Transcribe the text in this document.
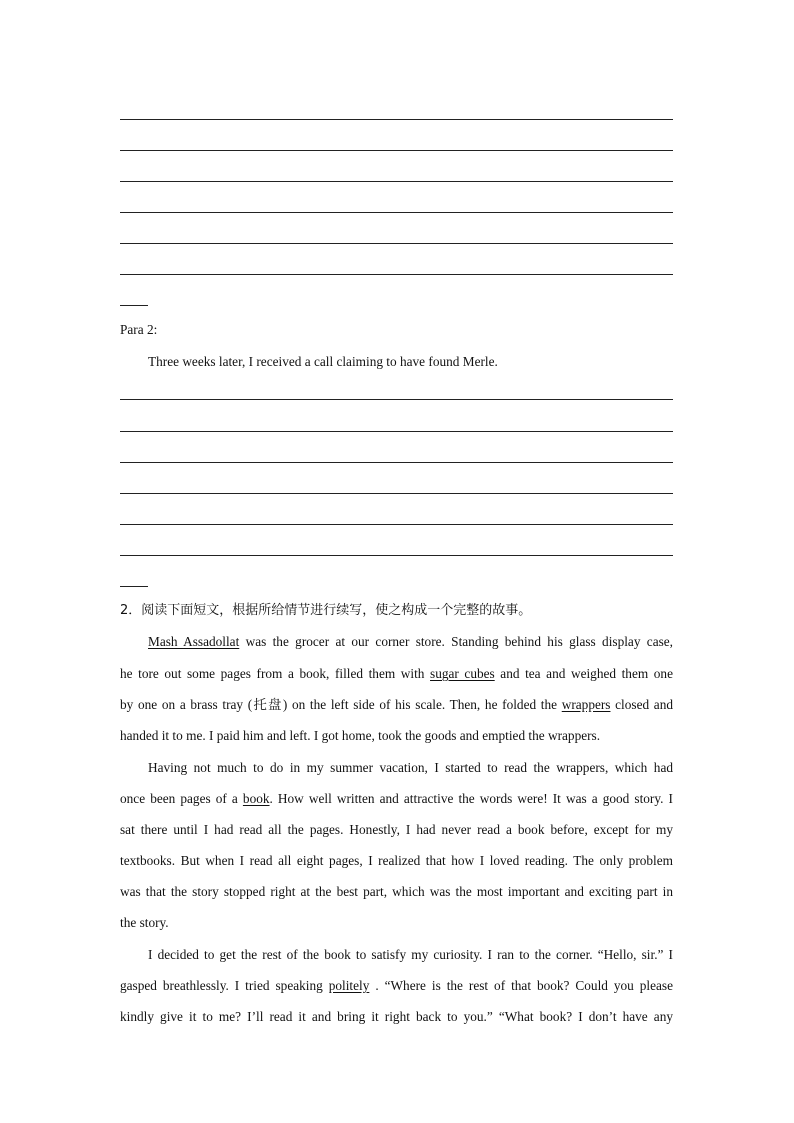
Para 2:
Three weeks later, I received a call claiming to have found Merle.
2．阅读下面短文，根据所给情节进行续写，使之构成一个完整的故事。
Mash Assadollat was the grocer at our corner store. Standing behind his glass display case,
he tore out some pages from a book, filled them with sugar cubes and tea and weighed them one
by one on a brass tray (托盘) on the left side of his scale. Then, he folded the wrappers closed and
handed it to me. I paid him and left. I got home, took the goods and emptied the wrappers.
Having not much to do in my summer vacation, I started to read the wrappers, which had
once been pages of a book. How well written and attractive the words were! It was a good story. I
sat there until I had read all the pages. Honestly, I had never read a book before, except for my
textbooks. But when I read all eight pages, I realized that how I loved reading. The only problem
was that the story stopped right at the best part, which was the most important and exciting part in
the story.
I decided to get the rest of the book to satisfy my curiosity. I ran to the corner. “Hello, sir.” I
gasped breathlessly. I tried speaking politely . “Where is the rest of that book? Could you please
kindly give it to me? I’ll read it and bring it right back to you.” “What book? I don’t have any
